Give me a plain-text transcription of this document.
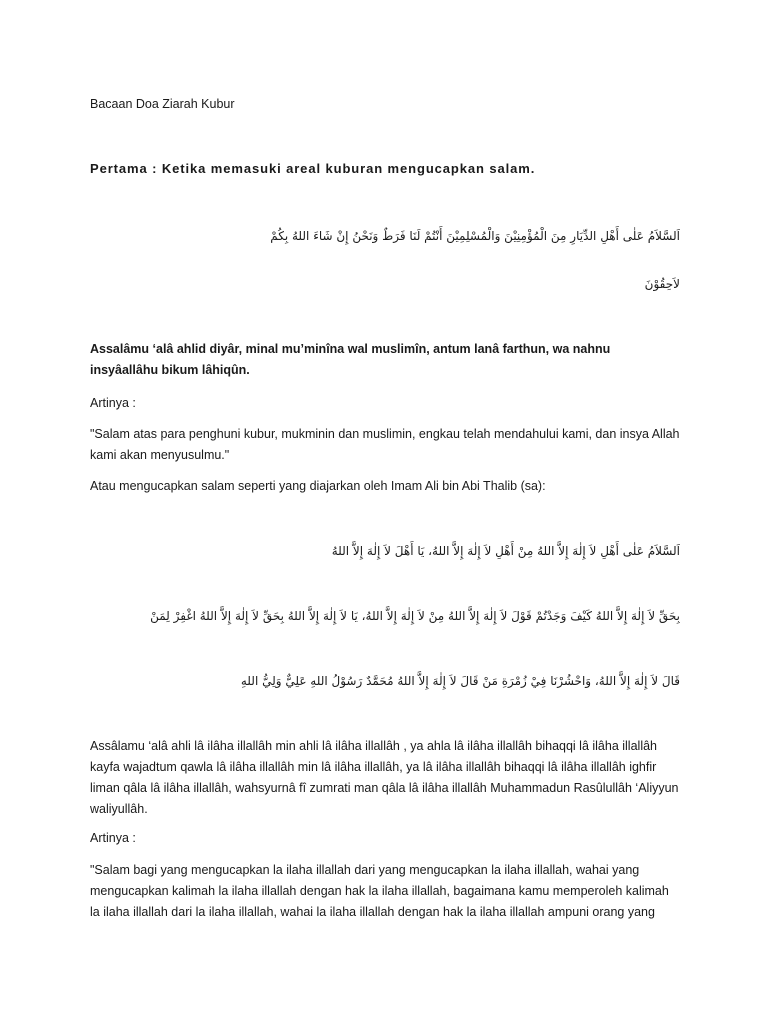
Bacaan Doa Ziarah Kubur

Pertama : Ketika memasuki areal kuburan mengucapkan salam.

اَلسَّلاَمُ عَلٰى أَهْلِ الدِّيَارِ مِنَ الْمُؤْمِنِيْنَ وَالْمُسْلِمِيْنَ أَنْتُمْ لَنَا فَرَطٌ وَنَحْنُ إِنْ شَاءَ اللهُ بِكُمْ

لاَحِقُوْنَ

Assalâmu ‘alâ ahlid diyâr, minal mu’minîna wal muslimîn, antum lanâ farthun, wa nahnu insyâallâhu bikum lâhiqûn.

Artinya :

"Salam atas para penghuni kubur, mukminin dan muslimin, engkau telah mendahului kami, dan insya Allah kami akan menyusulmu."

Atau mengucapkan salam seperti yang diajarkan oleh Imam Ali bin Abi Thalib (sa):

اَلسَّلاَمُ عَلٰى أَهْلِ لاَ إِلٰهَ إِلاَّ اللهُ مِنْ أَهْلِ لاَ إِلٰهَ إِلاَّ اللهُ، يَا أَهْلَ لاَ إِلٰهَ إِلاَّ اللهُ

بِحَقِّ لاَ إِلٰهَ إِلاَّ اللهُ كَيْفَ وَجَدْتُمْ قَوْلَ لاَ إِلٰهَ إِلاَّ اللهُ مِنْ لاَ إِلٰهَ إِلاَّ اللهُ، يَا لاَ إِلٰهَ إِلاَّ اللهُ بِحَقِّ لاَ إِلٰهَ إِلاَّ اللهُ اغْفِرْ لِمَنْ

قَالَ لاَ إِلٰهَ إِلاَّ اللهُ، وَاحْشُرْنَا فِيْ زُمْرَةِ مَنْ قَالَ لاَ إِلٰهَ إِلاَّ اللهُ مُحَمَّدٌ رَسُوْلُ اللهِ عَلِيٌّ وَلِيُّ اللهِ

Assâlamu ‘alâ ahli lâ ilâha illallâh min ahli lâ ilâha illallâh , ya ahla lâ ilâha illallâh bihaqqi lâ ilâha illallâh kayfa wajadtum qawla lâ ilâha illallâh min lâ ilâha illallâh, ya lâ ilâha illallâh bihaqqi lâ ilâha illallâh ighfir liman qâla lâ ilâha illallâh, wahsyurnâ fî zumrati man qâla lâ ilâha illallâh Muhammadun Rasûlullâh ‘Aliyyun waliyullâh.

Artinya :

"Salam bagi yang mengucapkan la ilaha illallah dari yang mengucapkan la ilaha illallah, wahai yang mengucapkan kalimah la ilaha illallah dengan hak la ilaha illallah, bagaimana kamu memperoleh kalimah la ilaha illallah dari la ilaha illallah, wahai la ilaha illallah dengan hak la ilaha illallah ampuni orang yang
